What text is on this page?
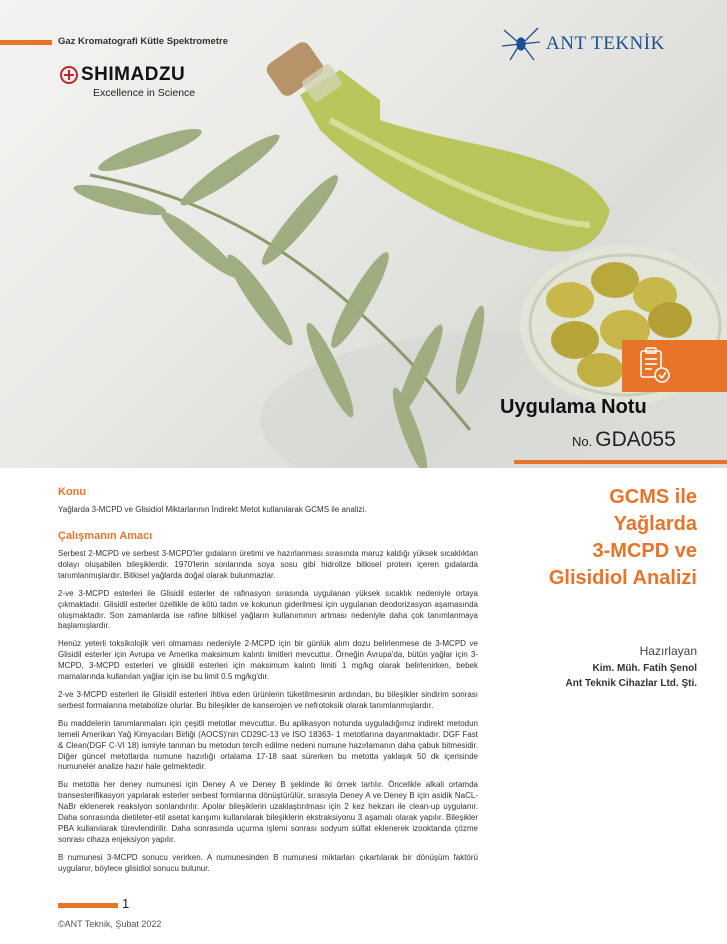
Gaz Kromatografi Kütle Spektrometre
SHIMADZU
Excellence in Science
ANT TEKNİK
Uygulama Notu
No. GDA055
GCMS ile
Yağlarda
3-MCPD ve
Glisidiol Analizi
Hazırlayan
Kim. Müh. Fatih Şenol
Ant Teknik Cihazlar Ltd. Şti.
Konu
Yağlarda 3-MCPD ve Glisidiol Miktarlarının İndirekt Metot kullanılarak GCMS ile analizi.
Çalışmanın Amacı

Serbest 2-MCPD ve serbest 3-MCPD'ler gıdaların üretimi ve hazırlanması sırasında maruz kaldığı yüksek sıcaklıktan dolayı oluşabilen bileşiklerdir. 1970'lerin sonlarında soya sosu gibi hidrolize bitkisel protein içeren gıdalarda tanımlanmışlardır. Bitkisel yağlarda doğal olarak bulunmazlar.

2-ve 3-MCPD esterleri ile Glisidil esterler de rafinasyon sırasında uygulanan yüksek sıcaklık nedeniyle ortaya çıkmaktadır. Glisidil esterler özellikle de kötü tadın ve kokunun giderilmesi için uygulanan deodorizasyon aşamasında oluşmaktadır. Son zamanlarda ise rafine bitkisel yağların kullanımının artması nedeniyle daha çok tanımlanmaya başlamışlardır.

Henüz yeterli toksikolojik veri olmaması nedeniyle 2-MCPD için bir günlük alım dozu belirlenmese de 3-MCPD ve Glisidil esterler için Avrupa ve Amerika maksimum kalıntı limitleri mevcuttur. Örneğin Avrupa'da, bütün yağlar için 3-MCPD, 3-MCPD esterleri ve glisidil esterleri için maksimum kalıntı limiti 1 mg/kg olarak belirlenirken, bebek mamalarında kullanılan yağlar için ise bu limit 0.5 mg/kg'dır.

2-ve 3-MCPD esterleri ile Glisidil esterleri ihtiva eden ürünlerin tüketilmesinin ardından, bu bileşikler sindirim sonrası serbest formalarına metabolize olurlar. Bu bileşikler de kanserojen ve nefrotoksik olarak tanımlanmışlardır.

Bu maddelerin tanımlanmaları için çeşitli metotlar mevcuttur. Bu aplikasyon notunda uyguladığımız indirekt metodun temeli Amerikan Yağ Kimyacıları Birliği (AOCS)'nin CD29C-13 ve ISO 18363- 1 metotlarına dayanmaktadır. DGF Fast & Clean(DGF C-VI 18) ismiyle tanınan bu metodun tercih edilme nedeni numune hazırlamanın daha çabuk bitmesidir. Diğer güncel metotlarda numune hazırlığı ortalama 17-18 saat sürerken bu metotta yaklaşık 50 dk içerisinde numuneler analize hazır hale gelmektedir.

Bu metotta her deney numunesi için Deney A ve Deney B şeklinde iki örnek tartılır. Öncelikle alkali ortamda transesterifikasyon yapılarak esterler serbest formlarına dönüştürülür, sırasıyla Deney A ve Deney B için asidik NaCL-NaBr eklenerek reaksiyon sonlandırılır. Apolar bileşiklerin uzaklaştırılması için 2 kez hekzan ile clean-up uygulanır. Daha sonrasında dietileter-etil asetat karışımı kullanılarak bileşiklerin ekstraksiyonu 3 aşamalı olarak yapılır. Bileşikler PBA kullanılarak türevlendirilir. Daha sonrasında uçurma işlemi sonrası sodyum sülfat eklenerek izooktanda çözme sonrası cihaza enjeksiyon yapılır.

B numunesi 3-MCPD sonucu verirken. A numunesinden B numunesi miktarları çıkartılarak bir dönüşüm faktörü uygulanır, böylece glisidiol sonucu bulunur.

1
©ANT Teknik, Şubat 2022
